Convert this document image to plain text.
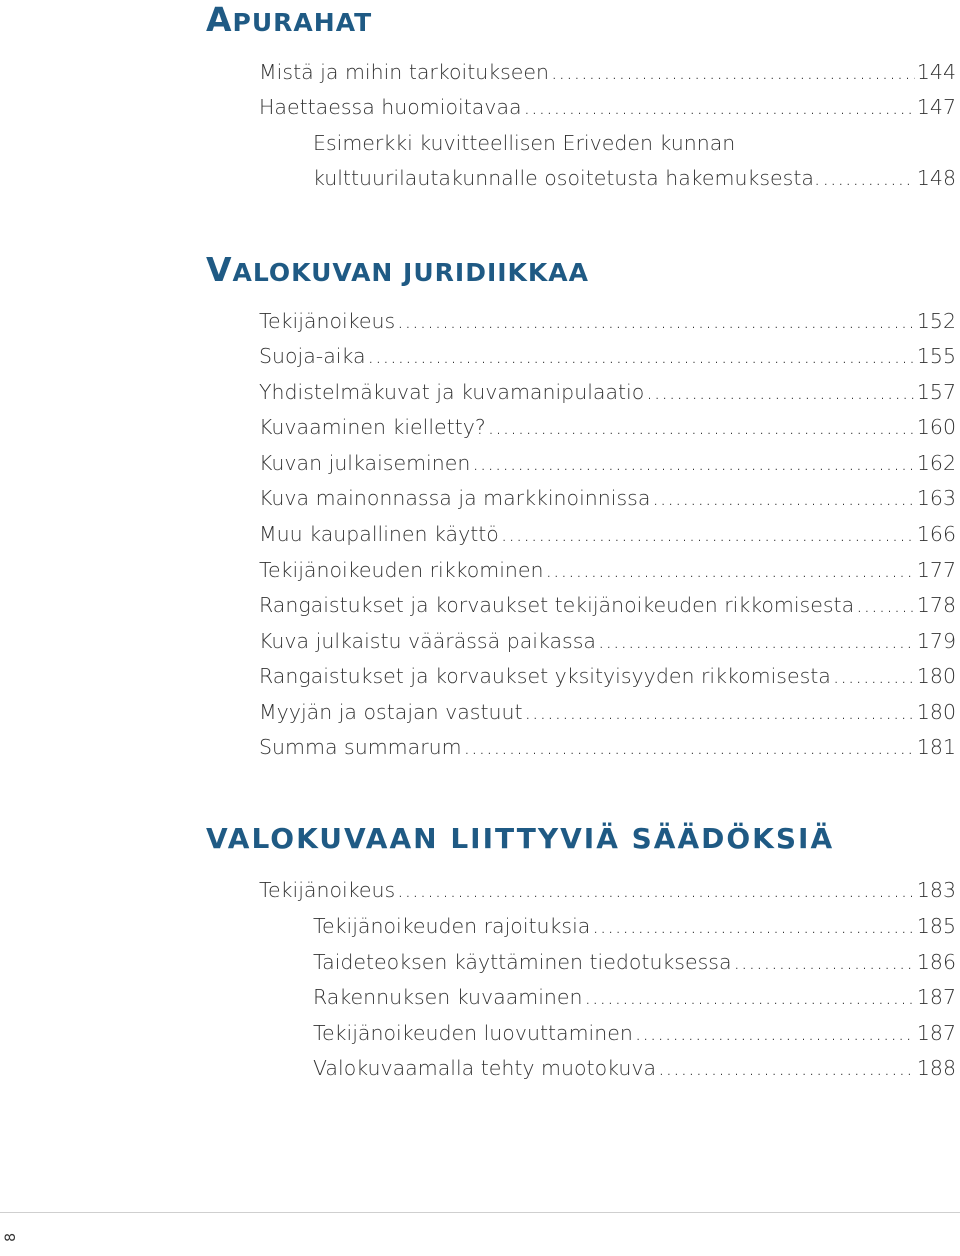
APURAHAT
Mistä ja mihin tarkoitukseen .....	144
Haettaessa huomioitavaa .....	147
Esimerkki kuvitteellisen Eriveden kunnan
kulttuurilautakunnalle osoitetusta hakemuksesta. .....	148
VALOKUVAN JURIDIIKKAA
Tekijänoikeus .....	152
Suoja-aika .....	155
Yhdistelmäkuvat ja kuvamanipulaatio .....	157
Kuvaaminen kielletty? .....	160
Kuvan julkaiseminen .....	162
Kuva mainonnassa ja markkinoinnissa .....	163
Muu kaupallinen käyttö .....	166
Tekijänoikeuden rikkominen .....	177
Rangaistukset ja korvaukset tekijänoikeuden rikkomisesta .....	178
Kuva julkaistu väärässä paikassa .....	179
Rangaistukset ja korvaukset yksityisyyden rikkomisesta .....	180
Myyjän ja ostajan vastuut .....	180
Summa summarum .....	181
VALOKUVAAN LIITTYVIÄ SÄÄDÖKSIÄ
Tekijänoikeus .....	183
Tekijänoikeuden rajoituksia .....	185
Taideteoksen käyttäminen tiedotuksessa .....	186
Rakennuksen kuvaaminen .....	187
Tekijänoikeuden luovuttaminen .....	187
Valokuvaamalla tehty muotokuva .....	188
8
